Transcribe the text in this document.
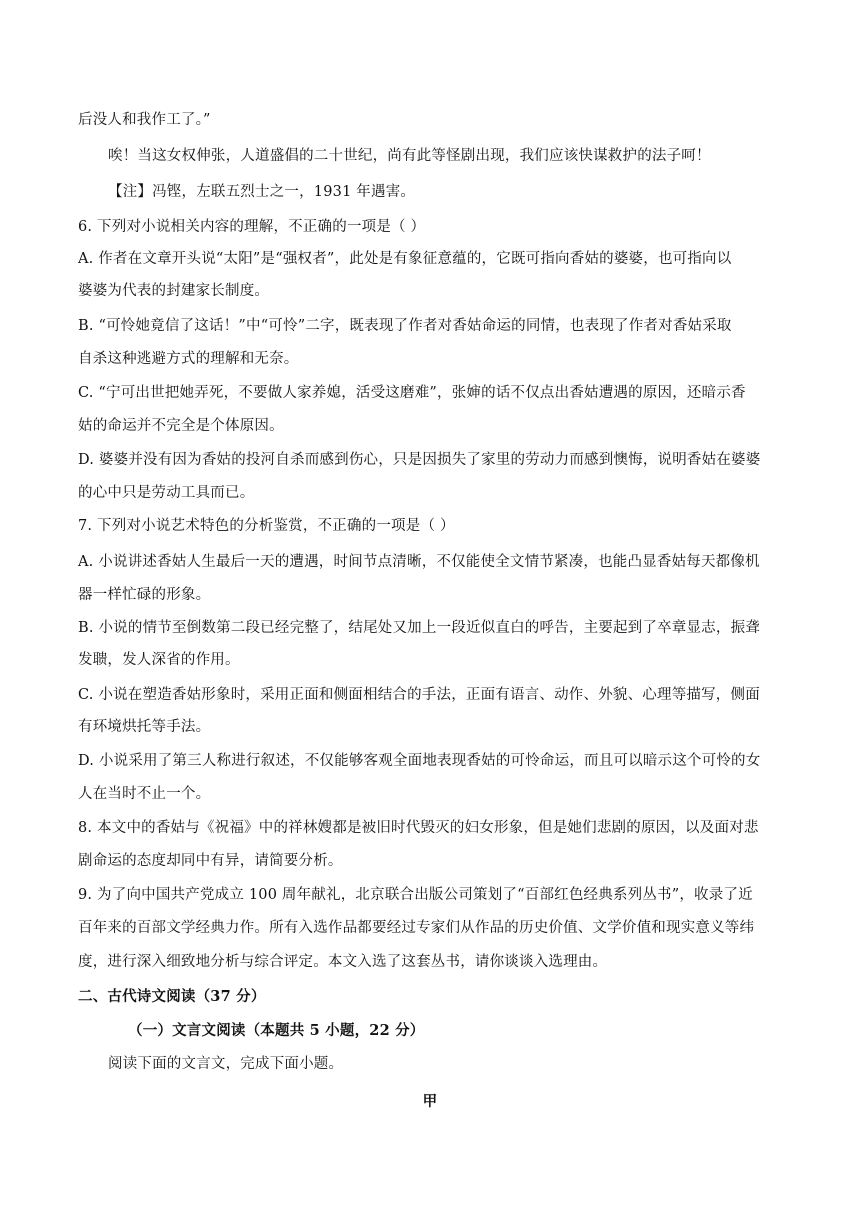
后没人和我作工了。”
唉！当这女权伸张，人道盛倡的二十世纪，尚有此等怪剧出现，我们应该快谋救护的法子呵！
【注】冯铿，左联五烈士之一，1931 年遇害。
6. 下列对小说相关内容的理解，不正确的一项是（ ）
A. 作者在文章开头说“太阳”是“强权者”，此处是有象征意蕴的，它既可指向香姑的婆婆，也可指向以
婆婆为代表的封建家长制度。
B. “可怜她竟信了这话！”中“可怜”二字，既表现了作者对香姑命运的同情，也表现了作者对香姑采取
自杀这种逃避方式的理解和无奈。
C. “宁可出世把她弄死，不要做人家养媳，活受这磨难”，张婶的话不仅点出香姑遭遇的原因，还暗示香
姑的命运并不完全是个体原因。
D. 婆婆并没有因为香姑的投河自杀而感到伤心，只是因损失了家里的劳动力而感到懊悔，说明香姑在婆婆
的心中只是劳动工具而已。
7. 下列对小说艺术特色的分析鉴赏，不正确的一项是（ ）
A. 小说讲述香姑人生最后一天的遭遇，时间节点清晰，不仅能使全文情节紧凑，也能凸显香姑每天都像机
器一样忙碌的形象。
B. 小说的情节至倒数第二段已经完整了，结尾处又加上一段近似直白的呼告，主要起到了卒章显志，振聋
发聩，发人深省的作用。
C. 小说在塑造香姑形象时，采用正面和侧面相结合的手法，正面有语言、动作、外貌、心理等描写，侧面
有环境烘托等手法。
D. 小说采用了第三人称进行叙述，不仅能够客观全面地表现香姑的可怜命运，而且可以暗示这个可怜的女
人在当时不止一个。
8. 本文中的香姑与《祝福》中的祥林嫂都是被旧时代毁灭的妇女形象，但是她们悲剧的原因，以及面对悲
剧命运的态度却同中有异，请简要分析。
9. 为了向中国共产党成立 100 周年献礼，北京联合出版公司策划了“百部红色经典系列丛书”，收录了近
百年来的百部文学经典力作。所有入选作品都要经过专家们从作品的历史价值、文学价值和现实意义等纬
度，进行深入细致地分析与综合评定。本文入选了这套丛书，请你谈谈入选理由。
二、古代诗文阅读（37 分）
（一）文言文阅读（本题共 5 小题，22 分）
阅读下面的文言文，完成下面小题。
甲
